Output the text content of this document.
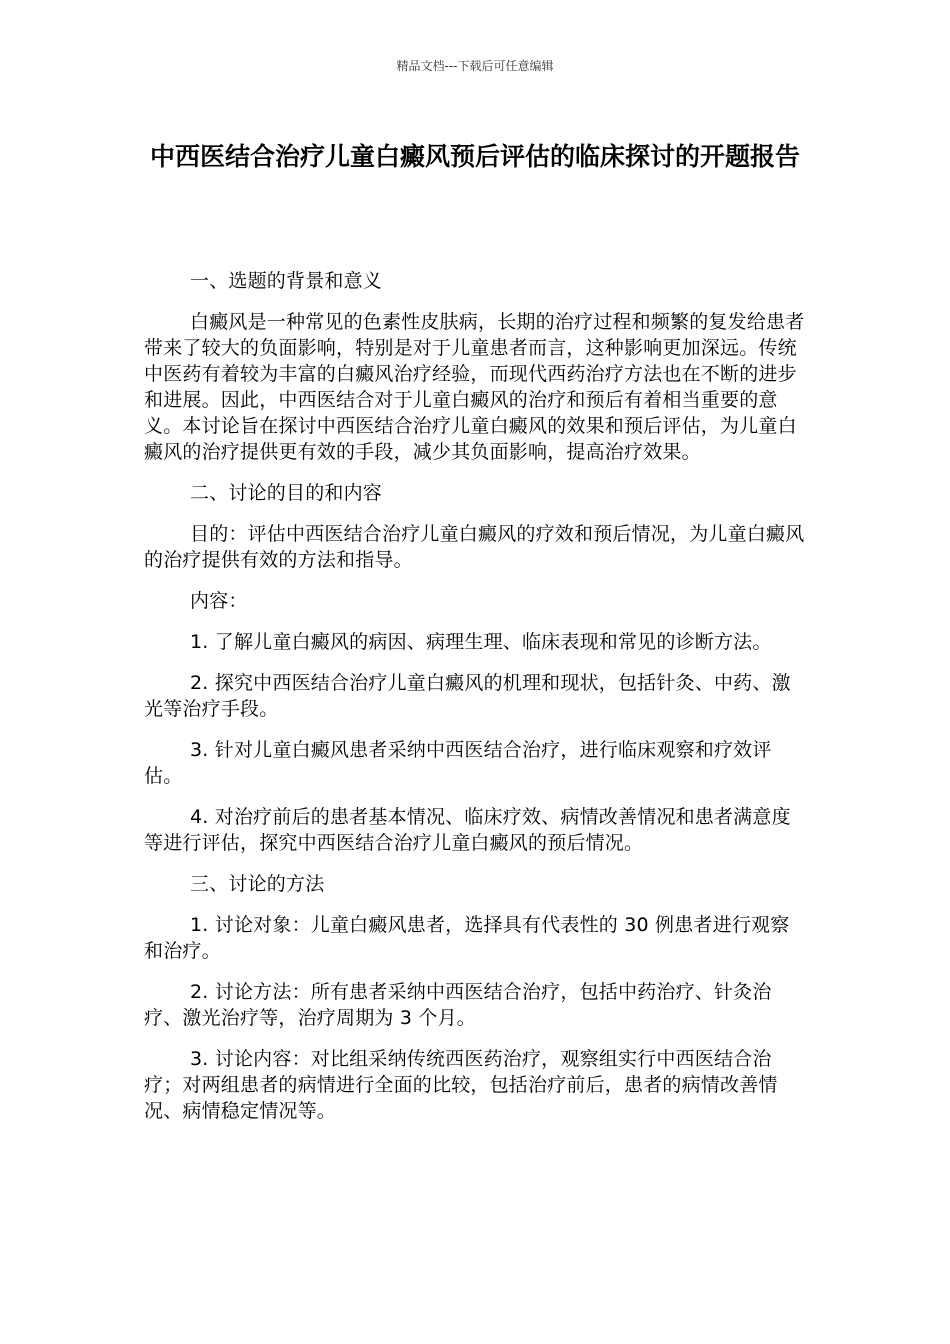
精品文档---下载后可任意编辑
中西医结合治疗儿童白癜风预后评估的临床探讨的开题报告

一、选题的背景和意义

白癜风是一种常见的色素性皮肤病，长期的治疗过程和频繁的复发给患者带来了较大的负面影响，特别是对于儿童患者而言，这种影响更加深远。传统中医药有着较为丰富的白癜风治疗经验，而现代西药治疗方法也在不断的进步和进展。因此，中西医结合对于儿童白癜风的治疗和预后有着相当重要的意义。本讨论旨在探讨中西医结合治疗儿童白癜风的效果和预后评估，为儿童白癜风的治疗提供更有效的手段，减少其负面影响，提高治疗效果。

二、讨论的目的和内容

目的：评估中西医结合治疗儿童白癜风的疗效和预后情况，为儿童白癜风的治疗提供有效的方法和指导。

内容：

1. 了解儿童白癜风的病因、病理生理、临床表现和常见的诊断方法。

2. 探究中西医结合治疗儿童白癜风的机理和现状，包括针灸、中药、激光等治疗手段。

3. 针对儿童白癜风患者采纳中西医结合治疗，进行临床观察和疗效评估。

4. 对治疗前后的患者基本情况、临床疗效、病情改善情况和患者满意度等进行评估，探究中西医结合治疗儿童白癜风的预后情况。

三、讨论的方法

1. 讨论对象：儿童白癜风患者，选择具有代表性的 30 例患者进行观察和治疗。

2. 讨论方法：所有患者采纳中西医结合治疗，包括中药治疗、针灸治疗、激光治疗等，治疗周期为 3 个月。

3. 讨论内容：对比组采纳传统西医药治疗，观察组实行中西医结合治疗；对两组患者的病情进行全面的比较，包括治疗前后，患者的病情改善情况、病情稳定情况等。
